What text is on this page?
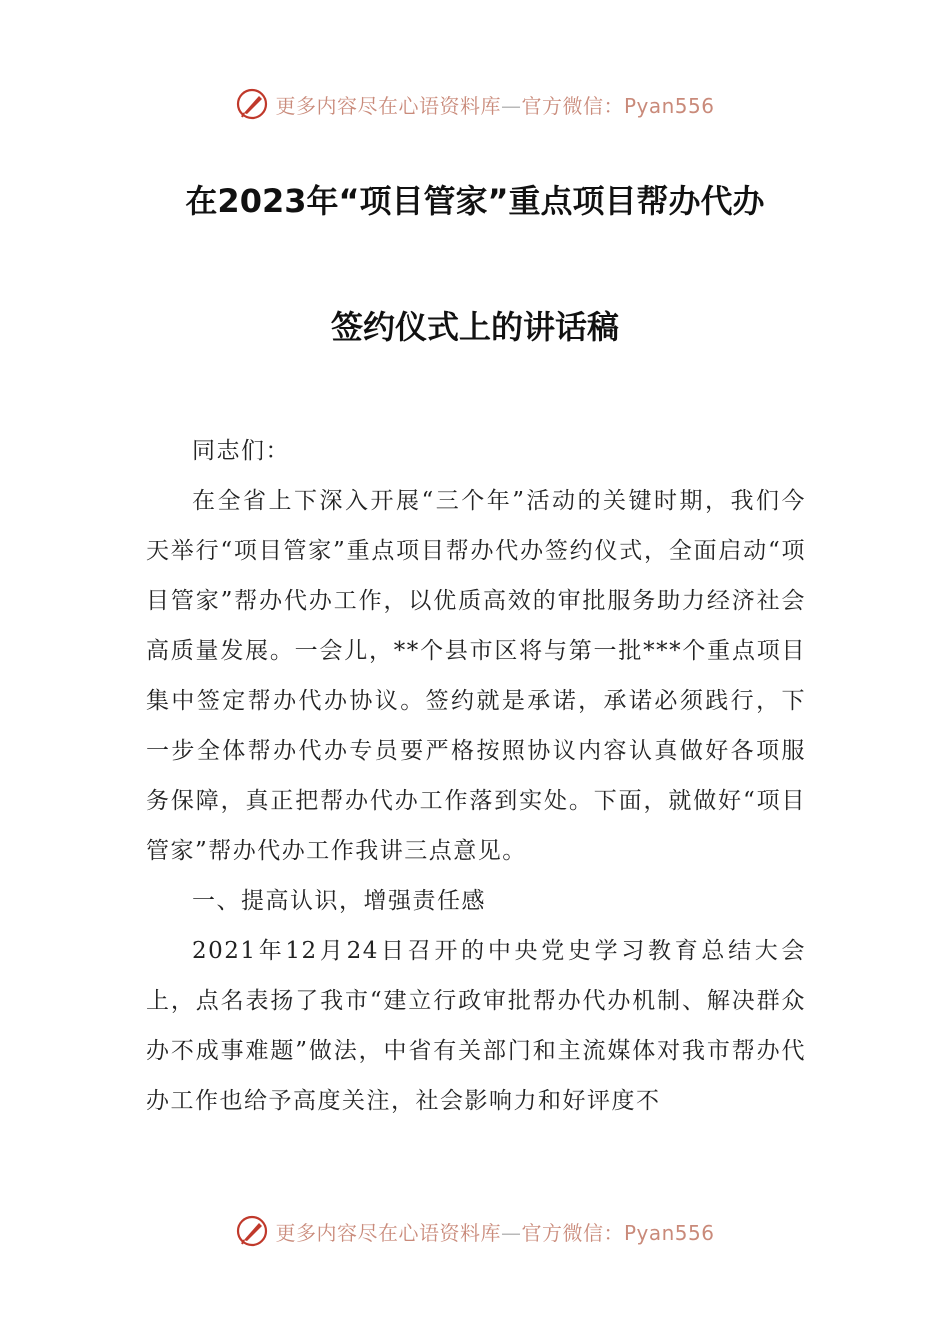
更多内容尽在心语资料库—官方微信：Pyan556
在2023年“项目管家”重点项目帮办代办
签约仪式上的讲话稿

同志们：

在全省上下深入开展“三个年”活动的关键时期，我们今天举行“项目管家”重点项目帮办代办签约仪式，全面启动“项目管家”帮办代办工作，以优质高效的审批服务助力经济社会高质量发展。一会儿，**个县市区将与第一批***个重点项目集中签定帮办代办协议。签约就是承诺，承诺必须践行，下一步全体帮办代办专员要严格按照协议内容认真做好各项服务保障，真正把帮办代办工作落到实处。下面，就做好“项目管家”帮办代办工作我讲三点意见。

一、提高认识，增强责任感

2021年12月24日召开的中央党史学习教育总结大会上，点名表扬了我市“建立行政审批帮办代办机制、解决群众办不成事难题”做法，中省有关部门和主流媒体对我市帮办代办工作也给予高度关注，社会影响力和好评度不

更多内容尽在心语资料库—官方微信：Pyan556
